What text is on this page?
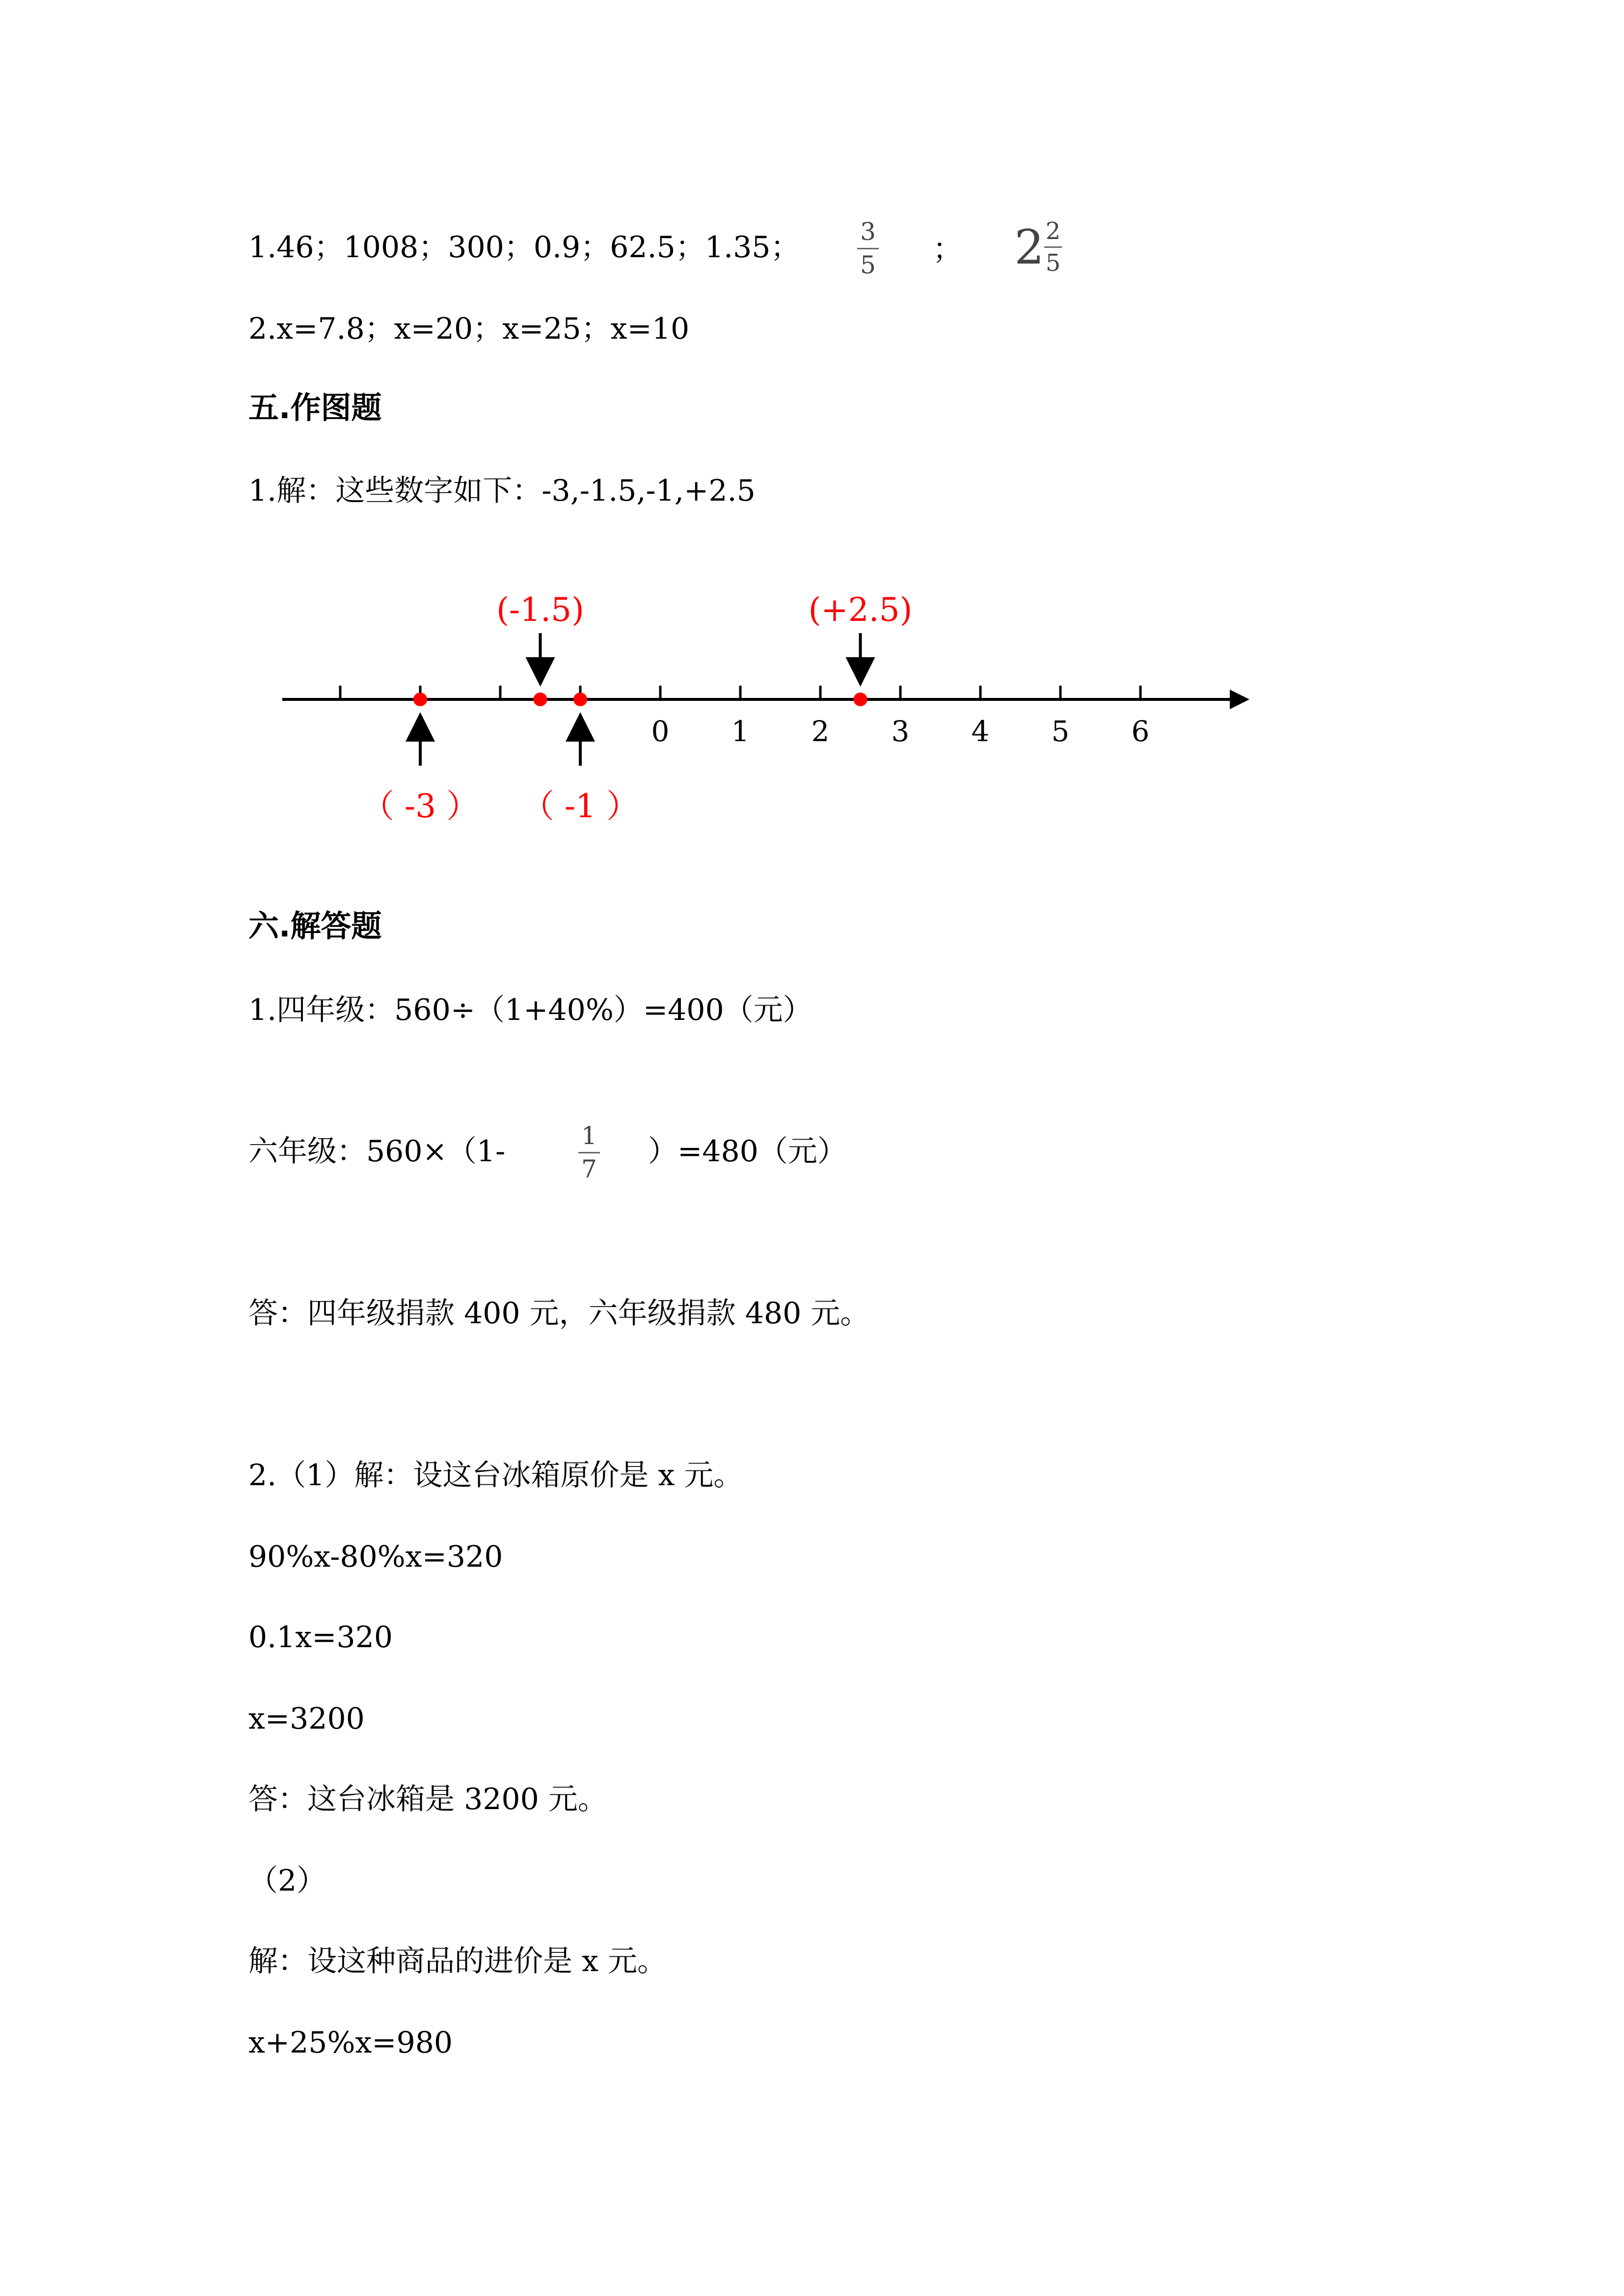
1.46；1008；300；0.9；62.5；1.35； 3
5 ； $2 \frac{2}{5}$
2.x=7.8；x=20；x=25；x=10
五.作图题
1.解：这些数字如下：-3,-1.5,-1,+2.5
0 1 2 3 4 5 6
（ -3 ）
(-1.5)
（ -1 ）
(+2.5)
六.解答题
1.四年级：560÷（1+40%）=400（元）
六年级：560×（1-	1
7
）=480（元）
答：四年级捐款 400 元，六年级捐款 480 元。
2.（1）解：设这台冰箱原价是 x 元。
90%x-80%x=320
0.1x=320
x=3200
答：这台冰箱是 3200 元。
（2）
解：设这种商品的进价是 x 元。
x+25%x=980
